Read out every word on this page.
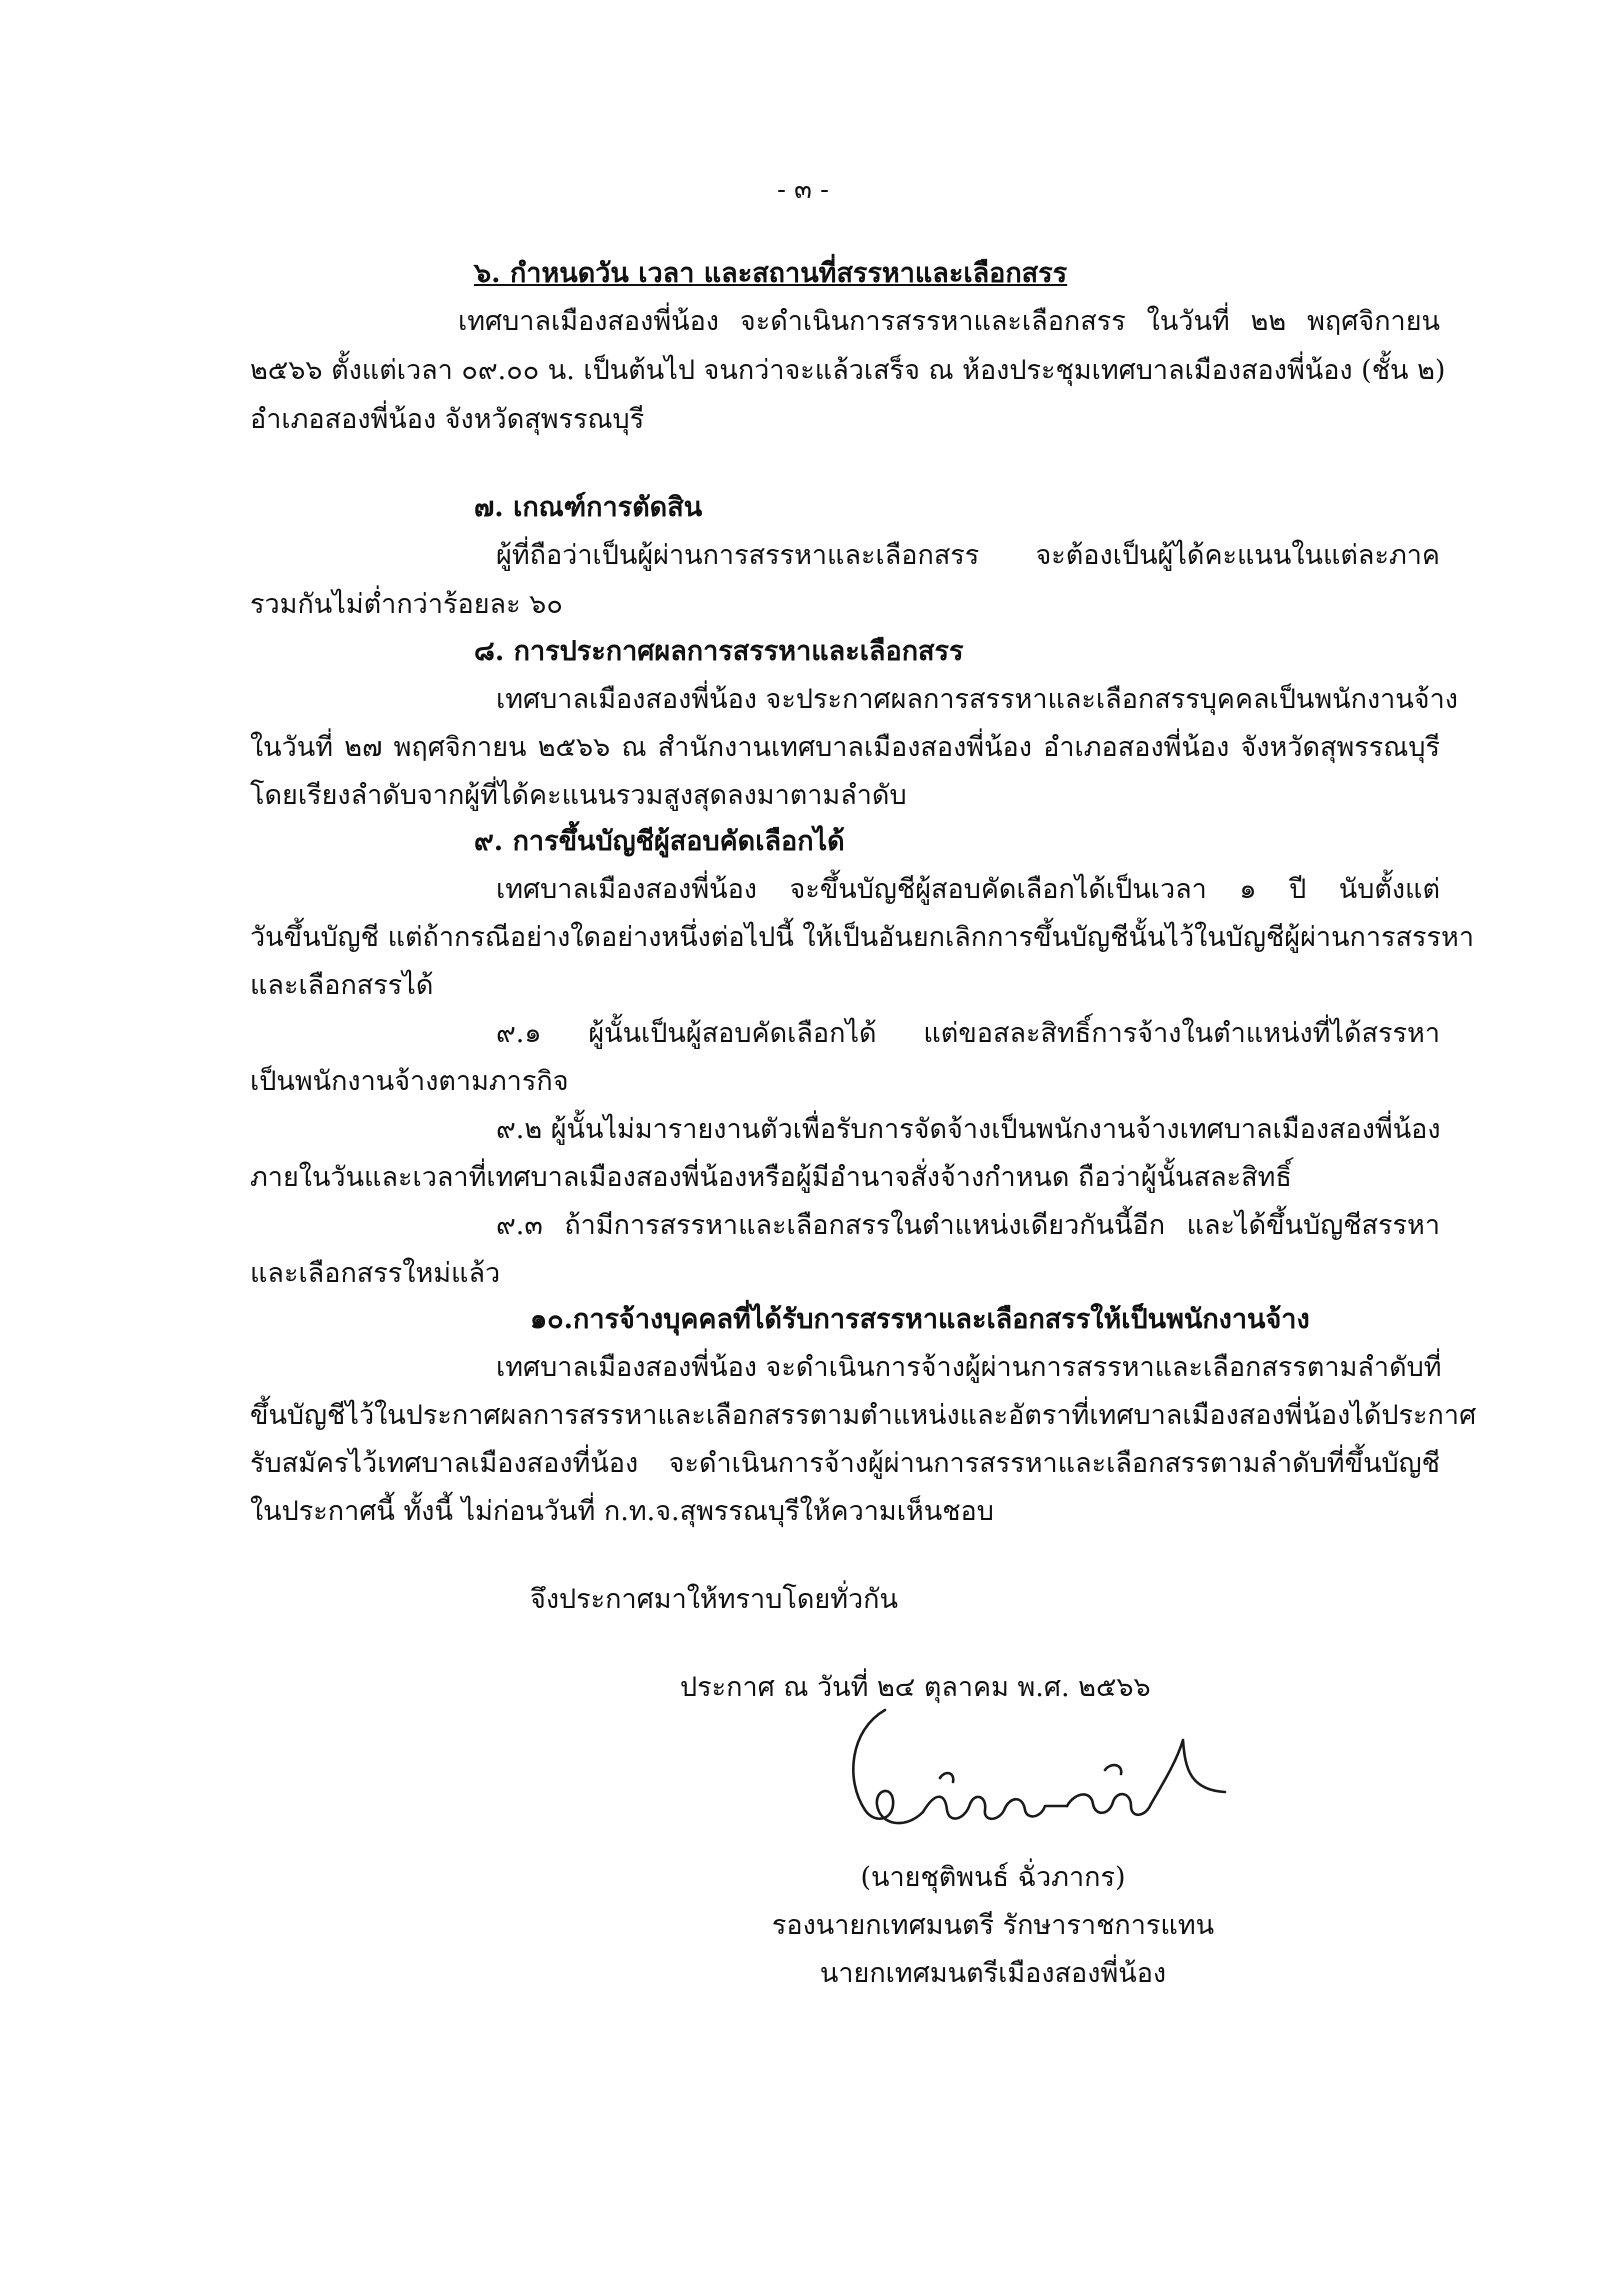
- ๓ -
๖. กำหนดวัน เวลา และสถานที่สรรหาและเลือกสรร
เทศบาลเมืองสองพี่น้อง จะดำเนินการสรรหาและเลือกสรร ในวันที่ ๒๒ พฤศจิกายน
๒๕๖๖ ตั้งแต่เวลา ๐๙.๐๐ น. เป็นต้นไป จนกว่าจะแล้วเสร็จ ณ ห้องประชุมเทศบาลเมืองสองพี่น้อง (ชั้น ๒)
อำเภอสองพี่น้อง จังหวัดสุพรรณบุรี
๗. เกณฑ์การตัดสิน
ผู้ที่ถือว่าเป็นผู้ผ่านการสรรหาและเลือกสรร จะต้องเป็นผู้ได้คะแนนในแต่ละภาค
รวมกันไม่ต่ำกว่าร้อยละ ๖๐
๘. การประกาศผลการสรรหาและเลือกสรร
เทศบาลเมืองสองพี่น้อง จะประกาศผลการสรรหาและเลือกสรรบุคคลเป็นพนักงานจ้าง
ในวันที่ ๒๗ พฤศจิกายน ๒๕๖๖ ณ สำนักงานเทศบาลเมืองสองพี่น้อง อำเภอสองพี่น้อง จังหวัดสุพรรณบุรี
โดยเรียงลำดับจากผู้ที่ได้คะแนนรวมสูงสุดลงมาตามลำดับ
๙. การขึ้นบัญชีผู้สอบคัดเลือกได้
เทศบาลเมืองสองพี่น้อง จะขึ้นบัญชีผู้สอบคัดเลือกได้เป็นเวลา ๑ ปี นับตั้งแต่
วันขึ้นบัญชี แต่ถ้ากรณีอย่างใดอย่างหนึ่งต่อไปนี้ ให้เป็นอันยกเลิกการขึ้นบัญชีนั้นไว้ในบัญชีผู้ผ่านการสรรหา
และเลือกสรรได้
๙.๑ ผู้นั้นเป็นผู้สอบคัดเลือกได้ แต่ขอสละสิทธิ์การจ้างในตำแหน่งที่ได้สรรหา
เป็นพนักงานจ้างตามภารกิจ
๙.๒ ผู้นั้นไม่มารายงานตัวเพื่อรับการจัดจ้างเป็นพนักงานจ้างเทศบาลเมืองสองพี่น้อง
ภายในวันและเวลาที่เทศบาลเมืองสองพี่น้องหรือผู้มีอำนาจสั่งจ้างกำหนด ถือว่าผู้นั้นสละสิทธิ์
๙.๓ ถ้ามีการสรรหาและเลือกสรรในตำแหน่งเดียวกันนี้อีก และได้ขึ้นบัญชีสรรหา
และเลือกสรรใหม่แล้ว
๑๐.การจ้างบุคคลที่ได้รับการสรรหาและเลือกสรรให้เป็นพนักงานจ้าง
เทศบาลเมืองสองพี่น้อง จะดำเนินการจ้างผู้ผ่านการสรรหาและเลือกสรรตามลำดับที่
ขึ้นบัญชีไว้ในประกาศผลการสรรหาและเลือกสรรตามตำแหน่งและอัตราที่เทศบาลเมืองสองพี่น้องได้ประกาศ
รับสมัครไว้เทศบาลเมืองสองที่น้อง จะดำเนินการจ้างผู้ผ่านการสรรหาและเลือกสรรตามลำดับที่ขึ้นบัญชี
ในประกาศนี้ ทั้งนี้ ไม่ก่อนวันที่ ก.ท.จ.สุพรรณบุรีให้ความเห็นชอบ
จึงประกาศมาให้ทราบโดยทั่วกัน
ประกาศ ณ วันที่ ๒๔ ตุลาคม พ.ศ. ๒๕๖๖
(นายชุติพนธ์ ฉั่วภากร)
รองนายกเทศมนตรี รักษาราชการแทน
นายกเทศมนตรีเมืองสองพี่น้อง
